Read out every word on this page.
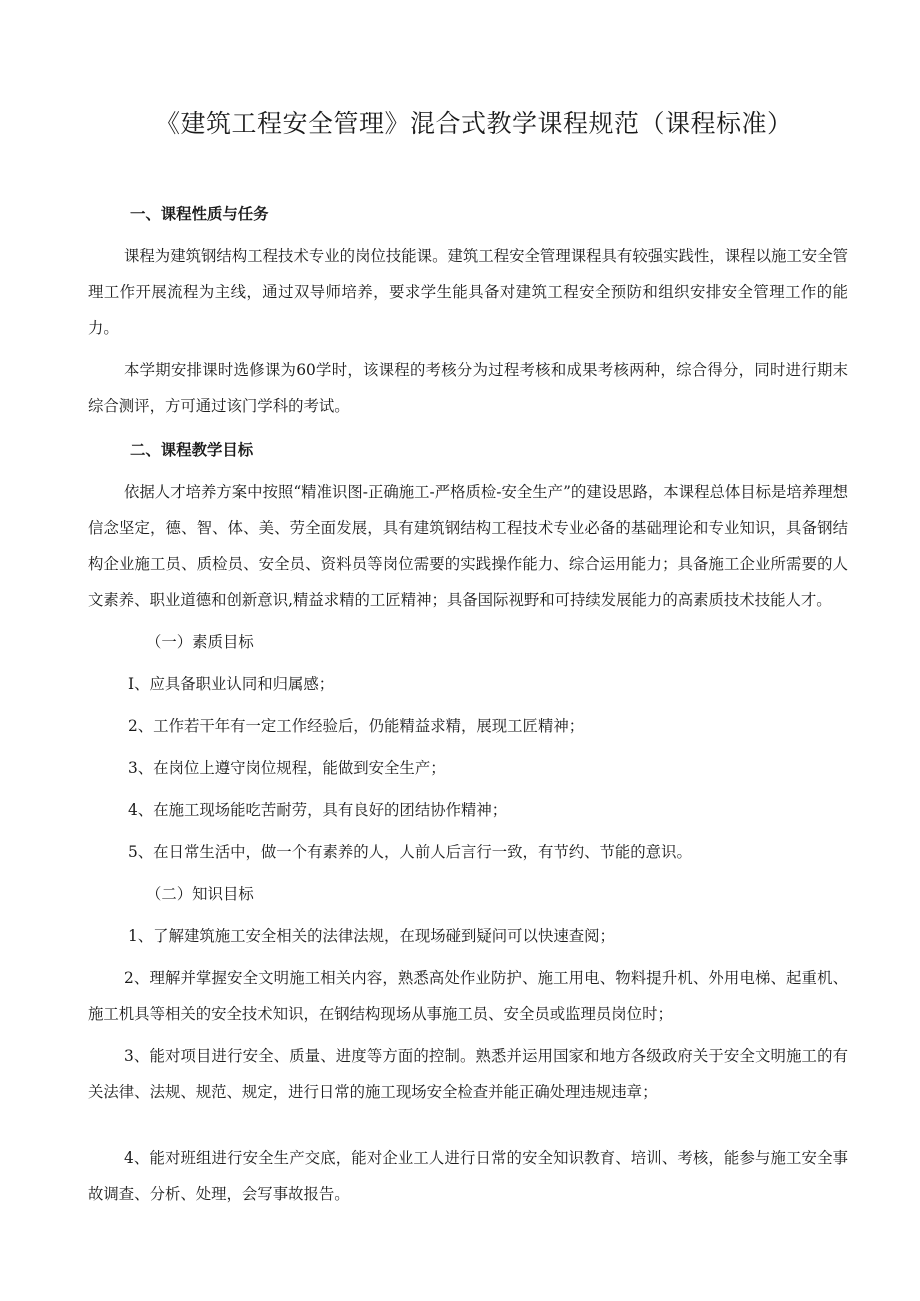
《建筑工程安全管理》混合式教学课程规范（课程标准）
一、课程性质与任务
课程为建筑钢结构工程技术专业的岗位技能课。建筑工程安全管理课程具有较强实践性，课程以施工安全管理工作开展流程为主线，通过双导师培养，要求学生能具备对建筑工程安全预防和组织安排安全管理工作的能力。
本学期安排课时选修课为60学时，该课程的考核分为过程考核和成果考核两种，综合得分，同时进行期末综合测评，方可通过该门学科的考试。
二、课程教学目标
依据人才培养方案中按照“精准识图-正确施工-严格质检-安全生产”的建设思路，本课程总体目标是培养理想信念坚定，德、智、体、美、劳全面发展，具有建筑钢结构工程技术专业必备的基础理论和专业知识，具备钢结构企业施工员、质检员、安全员、资料员等岗位需要的实践操作能力、综合运用能力；具备施工企业所需要的人文素养、职业道德和创新意识,精益求精的工匠精神；具备国际视野和可持续发展能力的高素质技术技能人才。
（一）素质目标
I、应具备职业认同和归属感；
2、工作若干年有一定工作经验后，仍能精益求精，展现工匠精神；
3、在岗位上遵守岗位规程，能做到安全生产；
4、在施工现场能吃苦耐劳，具有良好的团结协作精神；
5、在日常生活中，做一个有素养的人，人前人后言行一致，有节约、节能的意识。
（二）知识目标
1、了解建筑施工安全相关的法律法规，在现场碰到疑问可以快速查阅；
2、理解并掌握安全文明施工相关内容，熟悉高处作业防护、施工用电、物料提升机、外用电梯、起重机、施工机具等相关的安全技术知识，在钢结构现场从事施工员、安全员或监理员岗位时；
3、能对项目进行安全、质量、进度等方面的控制。熟悉并运用国家和地方各级政府关于安全文明施工的有关法律、法规、规范、规定，进行日常的施工现场安全检查并能正确处理违规违章；
4、能对班组进行安全生产交底，能对企业工人进行日常的安全知识教育、培训、考核，能参与施工安全事故调查、分析、处理，会写事故报告。
